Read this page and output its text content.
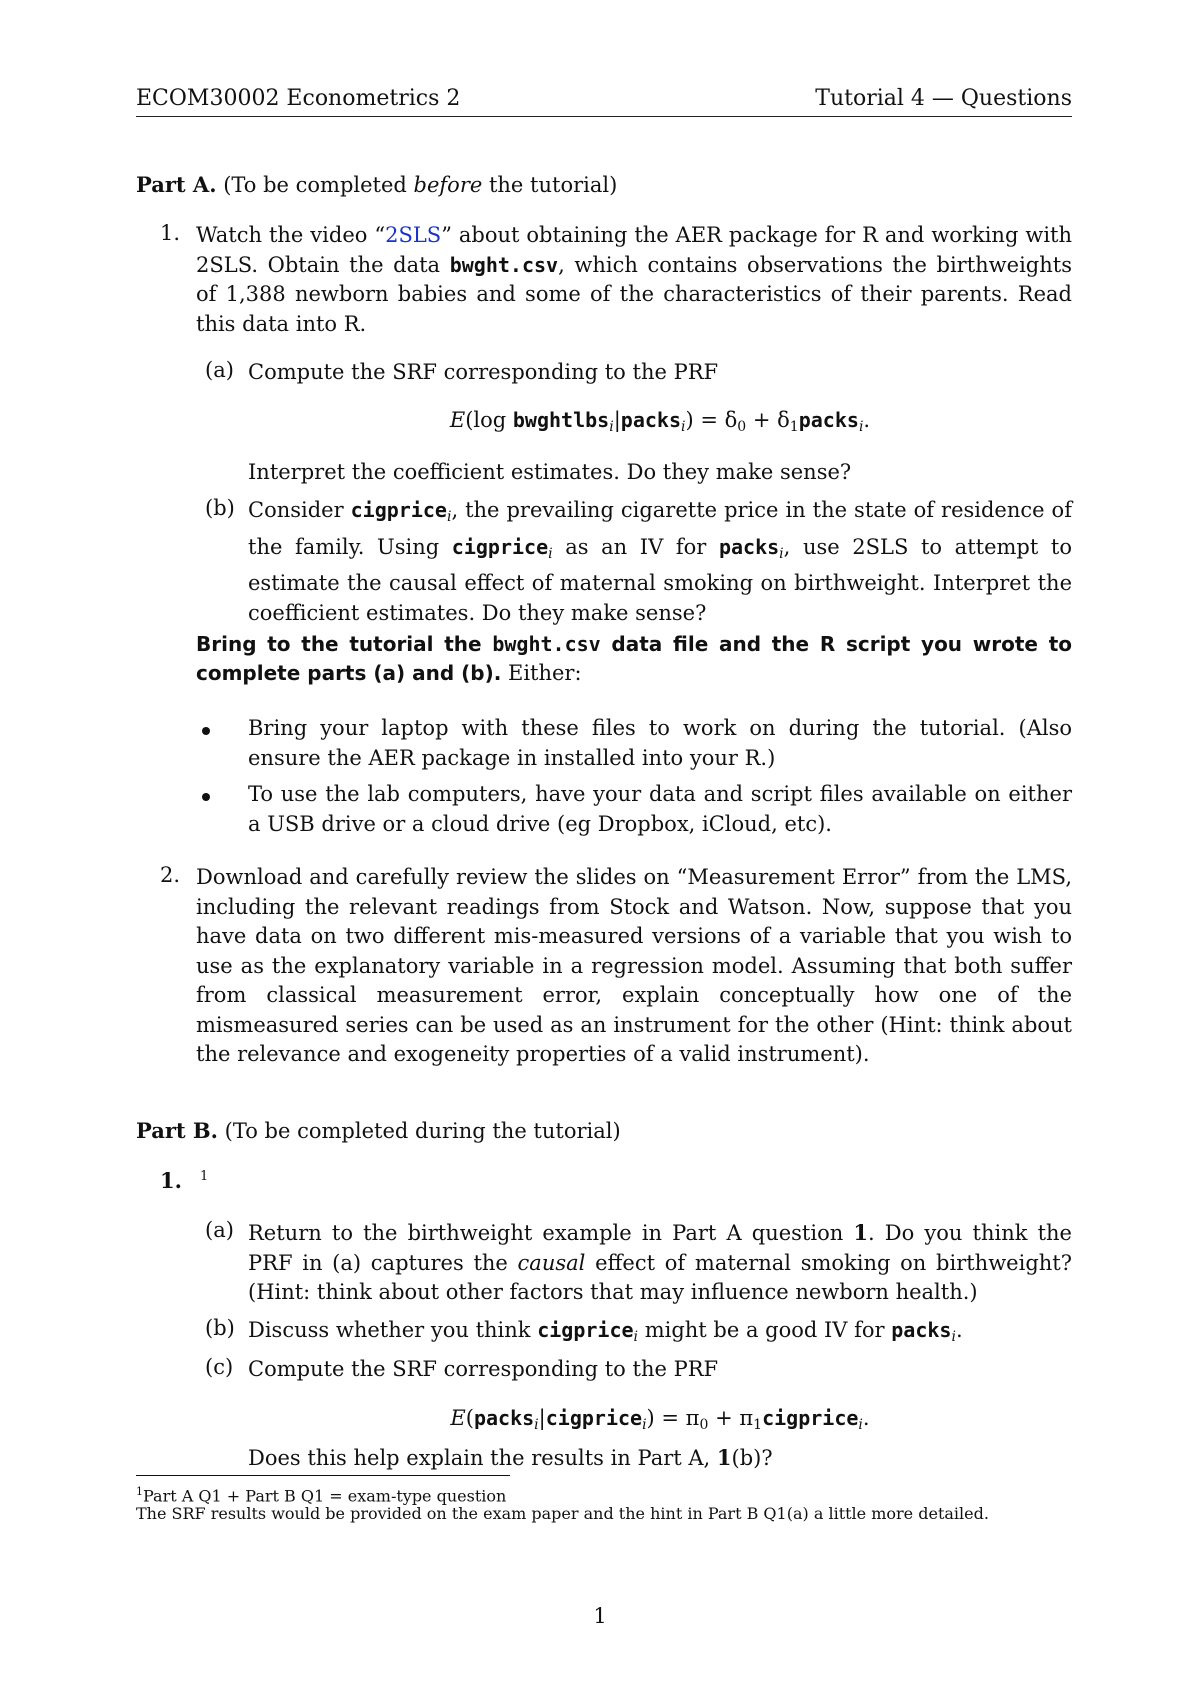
ECOM30002 Econometrics 2	Tutorial 4 — Questions
Part A. (To be completed before the tutorial)
1. Watch the video “2SLS” about obtaining the AER package for R and working with 2SLS. Obtain the data bwght.csv, which contains observations the birthweights of 1,388 newborn babies and some of the characteristics of their parents. Read this data into R.
(a) Compute the SRF corresponding to the PRF
E(log bwghtlbs$_i$|packs$_i$) = $\delta_0$ + $\delta_1packs_i$.
Interpret the coefficient estimates. Do they make sense?
(b) Consider cigprice$_i$, the prevailing cigarette price in the state of residence of the family. Using cigprice$_i$ as an IV for packs$_i$, use 2SLS to attempt to estimate the causal effect of maternal smoking on birthweight. Interpret the coefficient estimates. Do they make sense?
Bring to the tutorial the bwght.csv data file and the R script you wrote to complete parts (a) and (b). Either:
Bring your laptop with these files to work on during the tutorial. (Also ensure the AER package in installed into your R.)
To use the lab computers, have your data and script files available on either a USB drive or a cloud drive (eg Dropbox, iCloud, etc).
2. Download and carefully review the slides on “Measurement Error” from the LMS, including the relevant readings from Stock and Watson. Now, suppose that you have data on two different mis-measured versions of a variable that you wish to use as the explanatory variable in a regression model. Assuming that both suffer from classical measurement error, explain conceptually how one of the mismeasured series can be used as an instrument for the other (Hint: think about the relevance and exogeneity properties of a valid instrument).
Part B. (To be completed during the tutorial)
1. $^1$
(a) Return to the birthweight example in Part A question 1. Do you think the PRF in (a) captures the causal effect of maternal smoking on birthweight? (Hint: think about other factors that may influence newborn health.)
(b) Discuss whether you think cigprice$_i$ might be a good IV for packs$_i$.
(c) Compute the SRF corresponding to the PRF
E(packs$_i$|cigprice$_i$) = $\pi_0$ + $\pi_1cigprice_i$.
Does this help explain the results in Part A, 1(b)?
$^1$Part A Q1 + Part B Q1 = exam-type question
The SRF results would be provided on the exam paper and the hint in Part B Q1(a) a little more detailed.
1
